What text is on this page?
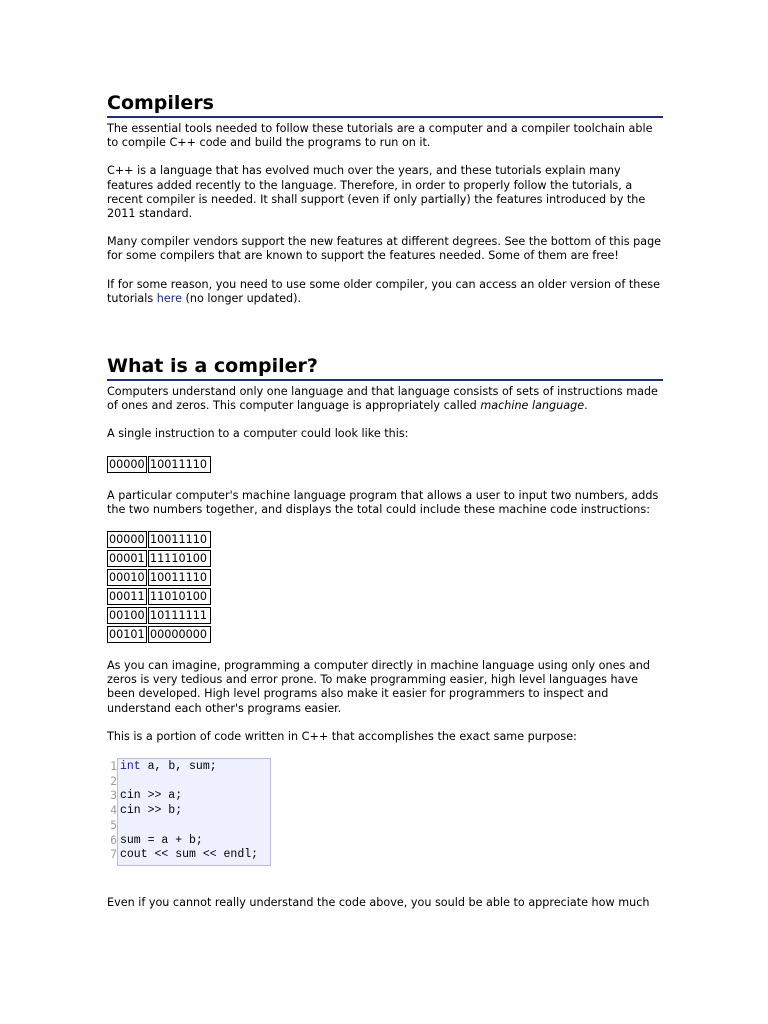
Compilers

The essential tools needed to follow these tutorials are a computer and a compiler toolchain able to compile C++ code and build the programs to run on it.

C++ is a language that has evolved much over the years, and these tutorials explain many features added recently to the language. Therefore, in order to properly follow the tutorials, a recent compiler is needed. It shall support (even if only partially) the features introduced by the 2011 standard.

Many compiler vendors support the new features at different degrees. See the bottom of this page for some compilers that are known to support the features needed. Some of them are free!

If for some reason, you need to use some older compiler, you can access an older version of these tutorials here (no longer updated).

What is a compiler?

Computers understand only one language and that language consists of sets of instructions made of ones and zeros. This computer language is appropriately called machine language.

A single instruction to a computer could look like this:

00000 10011110

A particular computer's machine language program that allows a user to input two numbers, adds the two numbers together, and displays the total could include these machine code instructions:

00000 10011110
00001 11110100
00010 10011110
00011 11010100
00100 10111111
00101 00000000

As you can imagine, programming a computer directly in machine language using only ones and zeros is very tedious and error prone. To make programming easier, high level languages have been developed. High level programs also make it easier for programmers to inspect and understand each other's programs easier.

This is a portion of code written in C++ that accomplishes the exact same purpose:

1
2
3
4
5
6
7
int a, b, sum;
cin >> a;
cin >> b;
sum = a + b;
cout << sum << endl;

Even if you cannot really understand the code above, you sould be able to appreciate how much
